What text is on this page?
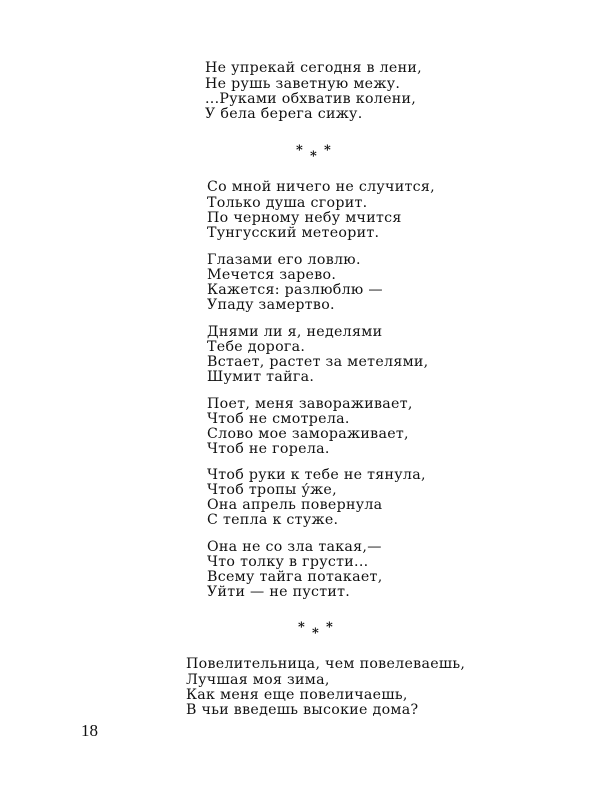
Не упрекай сегодня в лени,
Не рушь заветную межу.
...Руками обхватив колени,
У бела берега сижу.
* * *
Со мной ничего не случится,
Только душа сгорит.
По черному небу мчится
Тунгусский метеорит.
Глазами его ловлю.
Мечется зарево.
Кажется: разлюблю —
Упаду замертво.
Днями ли я, неделями
Тебе дорога.
Встает, растет за метелями,
Шумит тайга.
Поет, меня завораживает,
Чтоб не смотрела.
Слово мое замораживает,
Чтоб не горела.
Чтоб руки к тебе не тянула,
Чтоб тропы у́же,
Она апрель повернула
С тепла к стуже.
Она не со зла такая,—
Что толку в грусти...
Всему тайга потакает,
Уйти — не пустит.
* * *
Повелительница, чем повелеваешь,
Лучшая моя зима,
Как меня еще повеличаешь,
В чьи введешь высокие дома?
18
